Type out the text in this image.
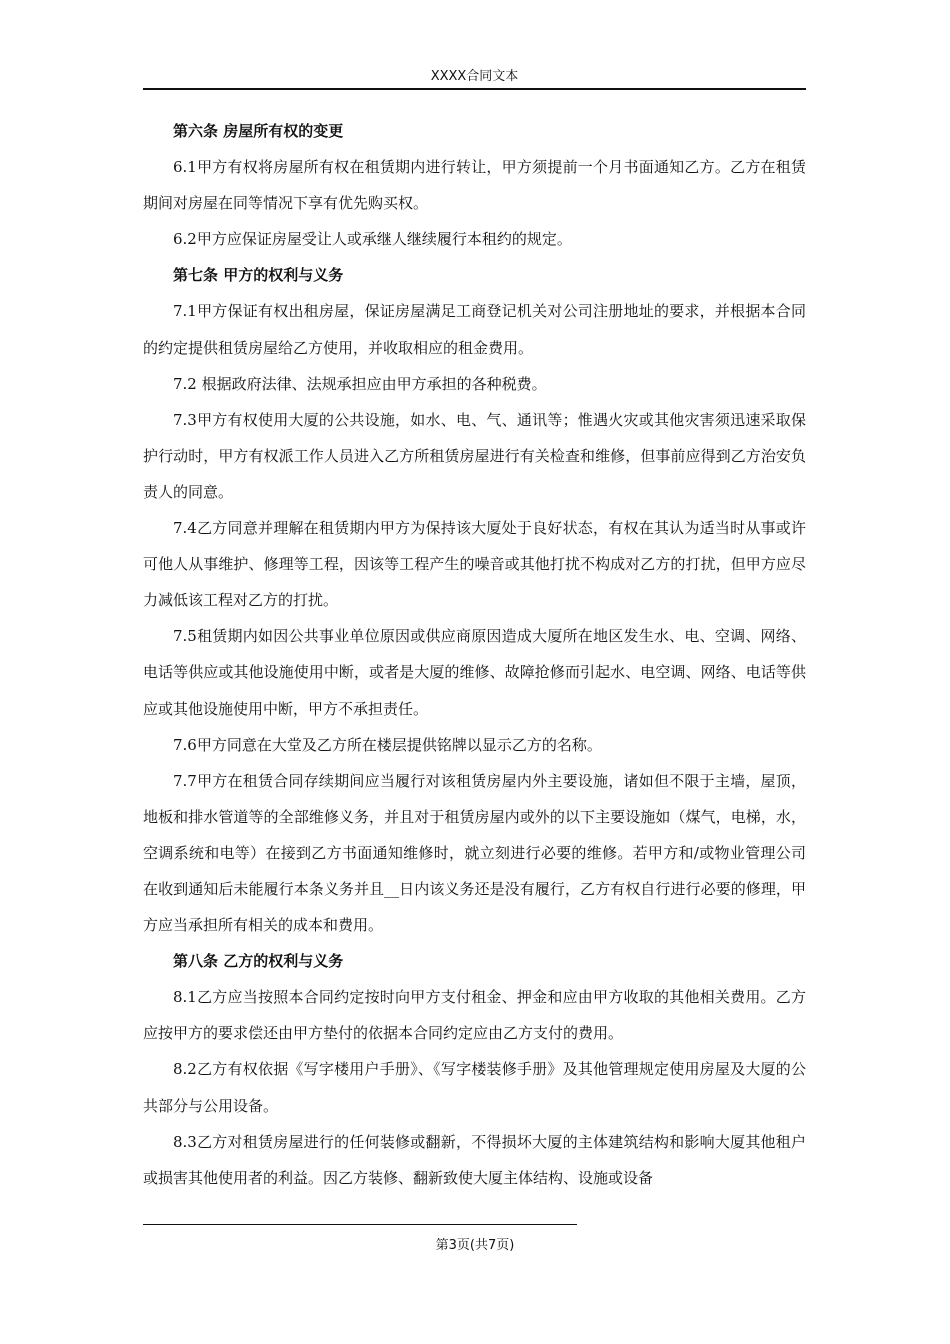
XXXX合同文本

第六条 房屋所有权的变更

6.1甲方有权将房屋所有权在租赁期内进行转让，甲方须提前一个月书面通知乙方。乙方在租赁期间对房屋在同等情况下享有优先购买权。

6.2甲方应保证房屋受让人或承继人继续履行本租约的规定。

第七条 甲方的权利与义务

7.1甲方保证有权出租房屋，保证房屋满足工商登记机关对公司注册地址的要求，并根据本合同的约定提供租赁房屋给乙方使用，并收取相应的租金费用。

7.2 根据政府法律、法规承担应由甲方承担的各种税费。

7.3甲方有权使用大厦的公共设施，如水、电、气、通讯等；惟遇火灾或其他灾害须迅速采取保护行动时，甲方有权派工作人员进入乙方所租赁房屋进行有关检查和维修，但事前应得到乙方治安负责人的同意。

7.4乙方同意并理解在租赁期内甲方为保持该大厦处于良好状态，有权在其认为适当时从事或许可他人从事维护、修理等工程，因该等工程产生的噪音或其他打扰不构成对乙方的打扰，但甲方应尽力减低该工程对乙方的打扰。

7.5租赁期内如因公共事业单位原因或供应商原因造成大厦所在地区发生水、电、空调、网络、电话等供应或其他设施使用中断，或者是大厦的维修、故障抢修而引起水、电空调、网络、电话等供应或其他设施使用中断，甲方不承担责任。

7.6甲方同意在大堂及乙方所在楼层提供铭牌以显示乙方的名称。

7.7甲方在租赁合同存续期间应当履行对该租赁房屋内外主要设施，诸如但不限于主墙，屋顶，地板和排水管道等的全部维修义务，并且对于租赁房屋内或外的以下主要设施如（煤气，电梯，水，空调系统和电等）在接到乙方书面通知维修时，就立刻进行必要的维修。若甲方和/或物业管理公司在收到通知后未能履行本条义务并且__日内该义务还是没有履行，乙方有权自行进行必要的修理，甲方应当承担所有相关的成本和费用。

第八条 乙方的权利与义务

8.1乙方应当按照本合同约定按时向甲方支付租金、押金和应由甲方收取的其他相关费用。乙方应按甲方的要求偿还由甲方垫付的依据本合同约定应由乙方支付的费用。

8.2乙方有权依据《写字楼用户手册》、《写字楼装修手册》及其他管理规定使用房屋及大厦的公共部分与公用设备。

8.3乙方对租赁房屋进行的任何装修或翻新，不得损坏大厦的主体建筑结构和影响大厦其他租户或损害其他使用者的利益。因乙方装修、翻新致使大厦主体结构、设施或设备

第3页(共7页)
